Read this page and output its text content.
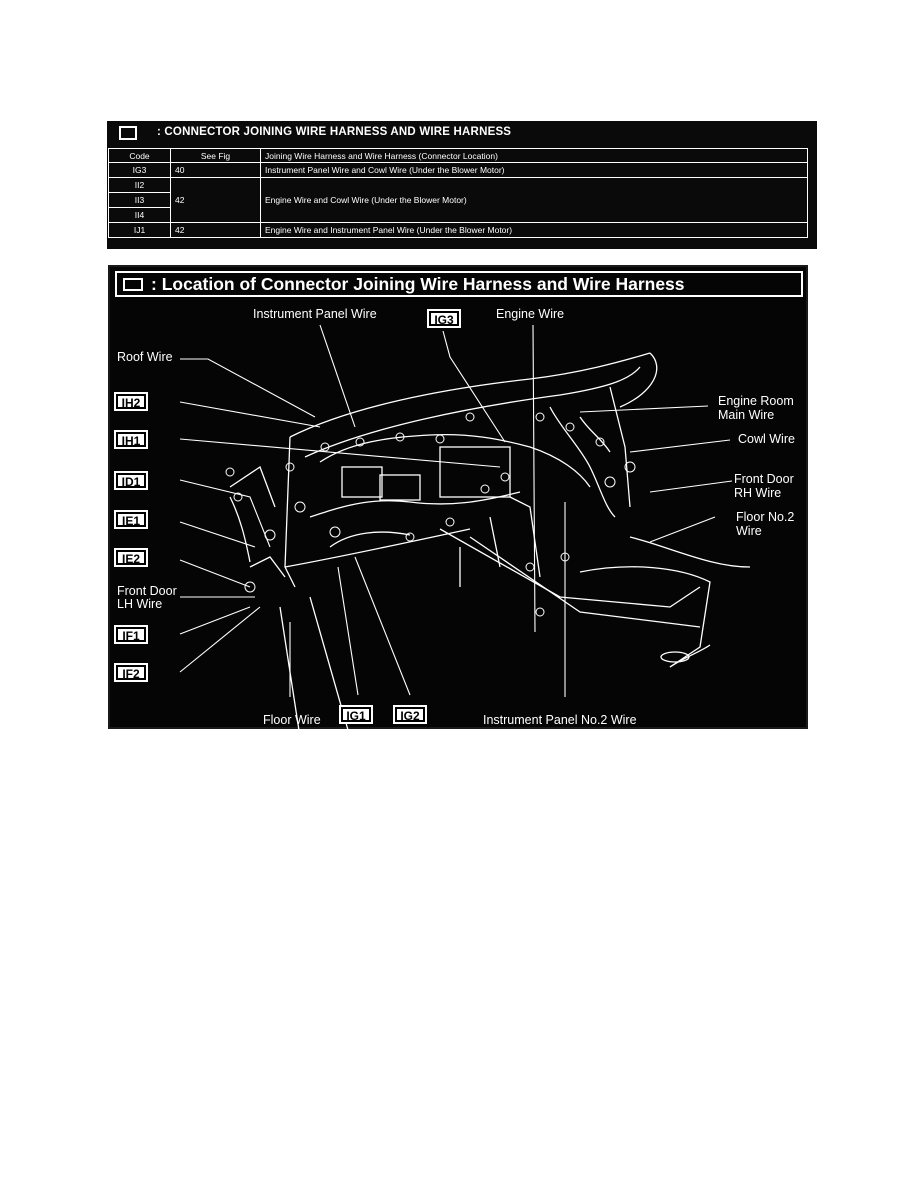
: CONNECTOR JOINING WIRE HARNESS AND WIRE HARNESS
Code	See Fig	Joining Wire Harness and Wire Harness (Connector Location)
IG3	40	Instrument Panel Wire and Cowl Wire (Under the Blower Motor)
II2	42	Engine Wire and Cowl Wire (Under the Blower Motor)
II3		
II4		
IJ1	42	Engine Wire and Instrument Panel Wire (Under the Blower Motor)
: Location of Connector Joining Wire Harness and Wire Harness
Instrument Panel Wire	Engine Wire
Roof Wire
Engine Room
Main Wire
Cowl Wire
Front Door
RH Wire
Floor No.2
Wire
Front Door
LH Wire
Floor Wire	Instrument Panel No.2 Wire
IG3
IH2
IH1
ID1
IE1
IE2
IF1
IF2
IG1	IG2
